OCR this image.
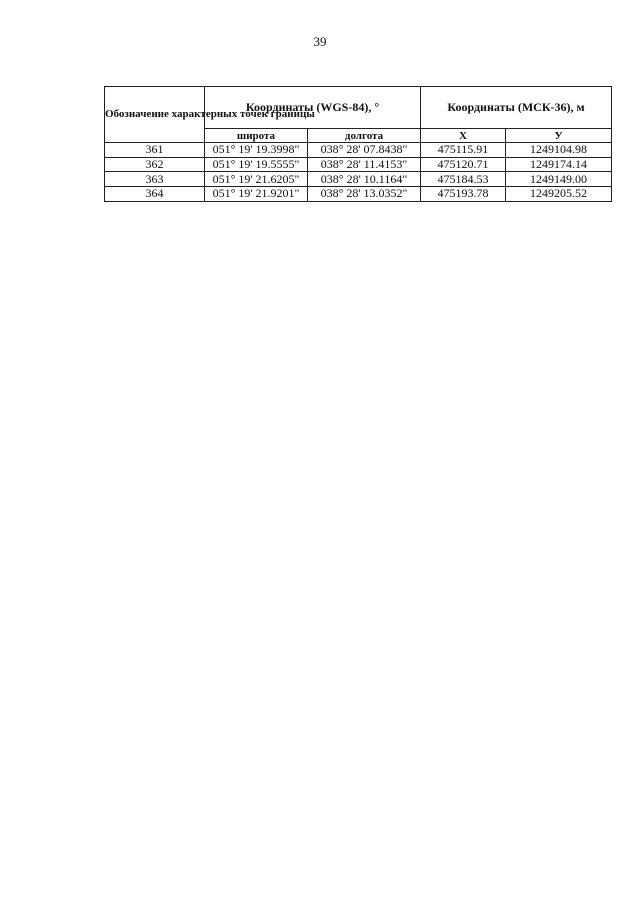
39
Обозначение характерных точек границы	Координаты (WGS-84), °		Координаты (МСК-36), м	
	широта	долгота	X	У
361	051° 19' 19.3998"	038° 28' 07.8438"	475115.91	1249104.98
362	051° 19' 19.5555"	038° 28' 11.4153"	475120.71	1249174.14
363	051° 19' 21.6205"	038° 28' 10.1164"	475184.53	1249149.00
364	051° 19' 21.9201"	038° 28' 13.0352"	475193.78	1249205.52
